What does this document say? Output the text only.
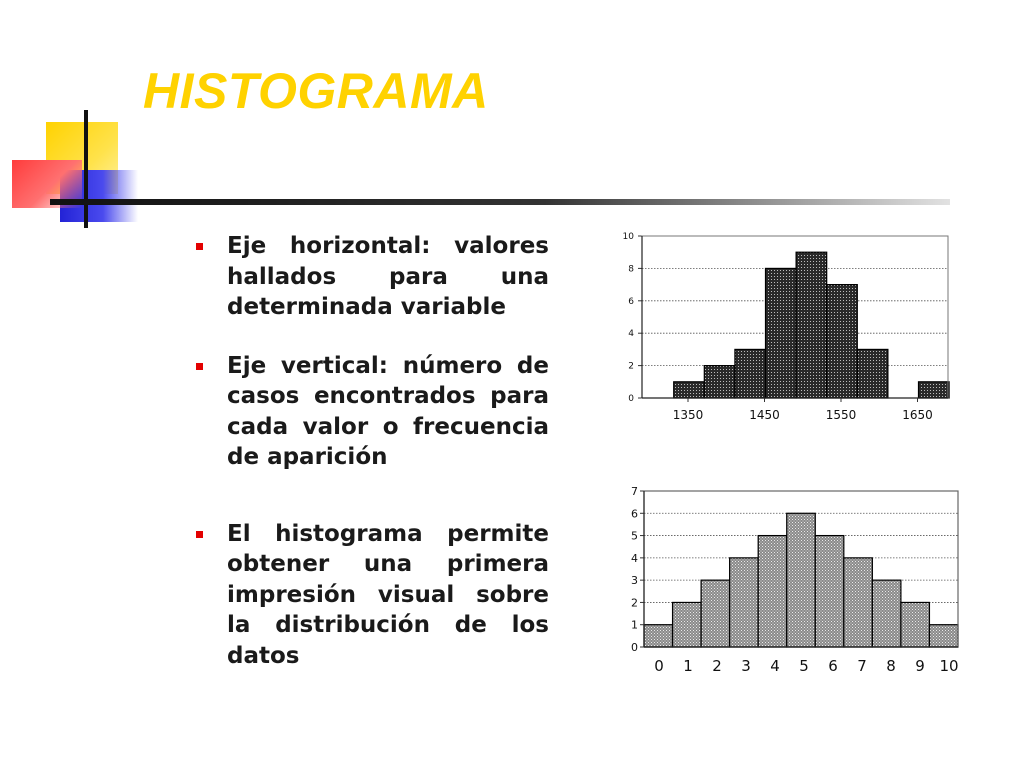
HISTOGRAMA
Eje horizontal: valores hallados para una determinada variable
Eje vertical: número de casos encontrados para cada valor o frecuencia de aparición
El histograma permite obtener una primera impresión visual sobre la distribución de los datos
0
2
4
6
8
10
1350	1450	1550	1650
0
1
2
3
4
5
6
7
0 1 2 3 4 5 6 7 8 9 10
